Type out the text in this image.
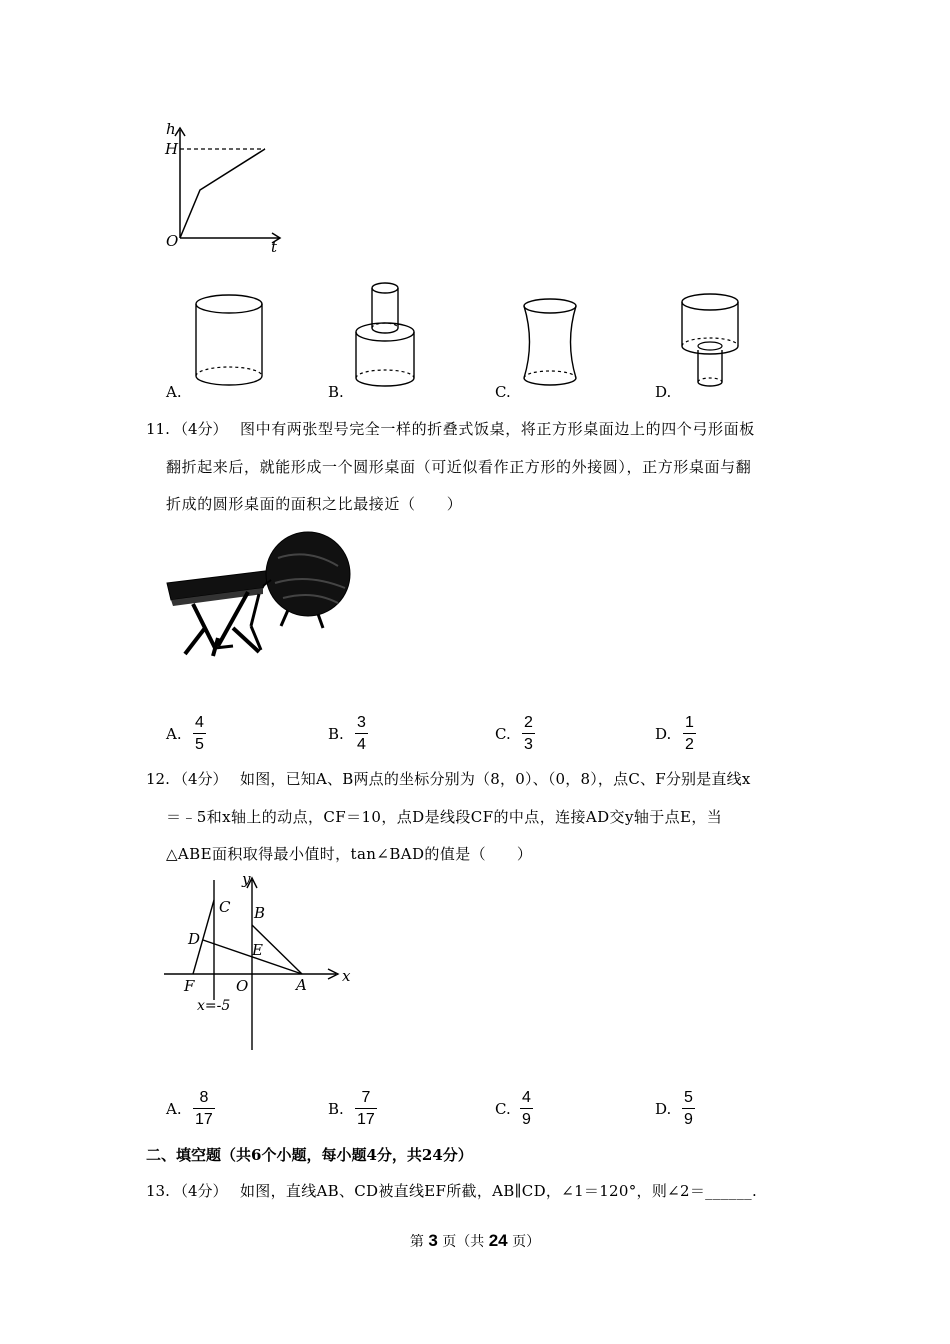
h
H
O	t
A.	B.	C.	D.
11. （4分） 图中有两张型号完全一样的折叠式饭桌，将正方形桌面边上的四个弓形面板
翻折起来后，就能形成一个圆形桌面（可近似看作正方形的外接圆），正方形桌面与翻
折成的圆形桌面的面积之比最接近（　　）
A.
4
5
B.
3
4
C.
2
3
D.
1
2
12. （4分） 如图，已知A、B两点的坐标分别为（8，0）、（0，8），点C、F分别是直线x
＝﹣5和x轴上的动点，CF＝10，点D是线段CF的中点，连接AD交y轴于点E，当
△ABE面积取得最小值时，tan∠BAD的值是（　　）
y
x
C B
D
E
F	O	A
x=-5
A.
8
17
B.
7
17
C.
4
9
D.
5
9
二、填空题（共6个小题，每小题4分，共24分）
13. （4分） 如图，直线AB、CD被直线EF所截，AB∥CD，∠1＝120°，则∠2＝______.
第 3 页（共 24 页）
